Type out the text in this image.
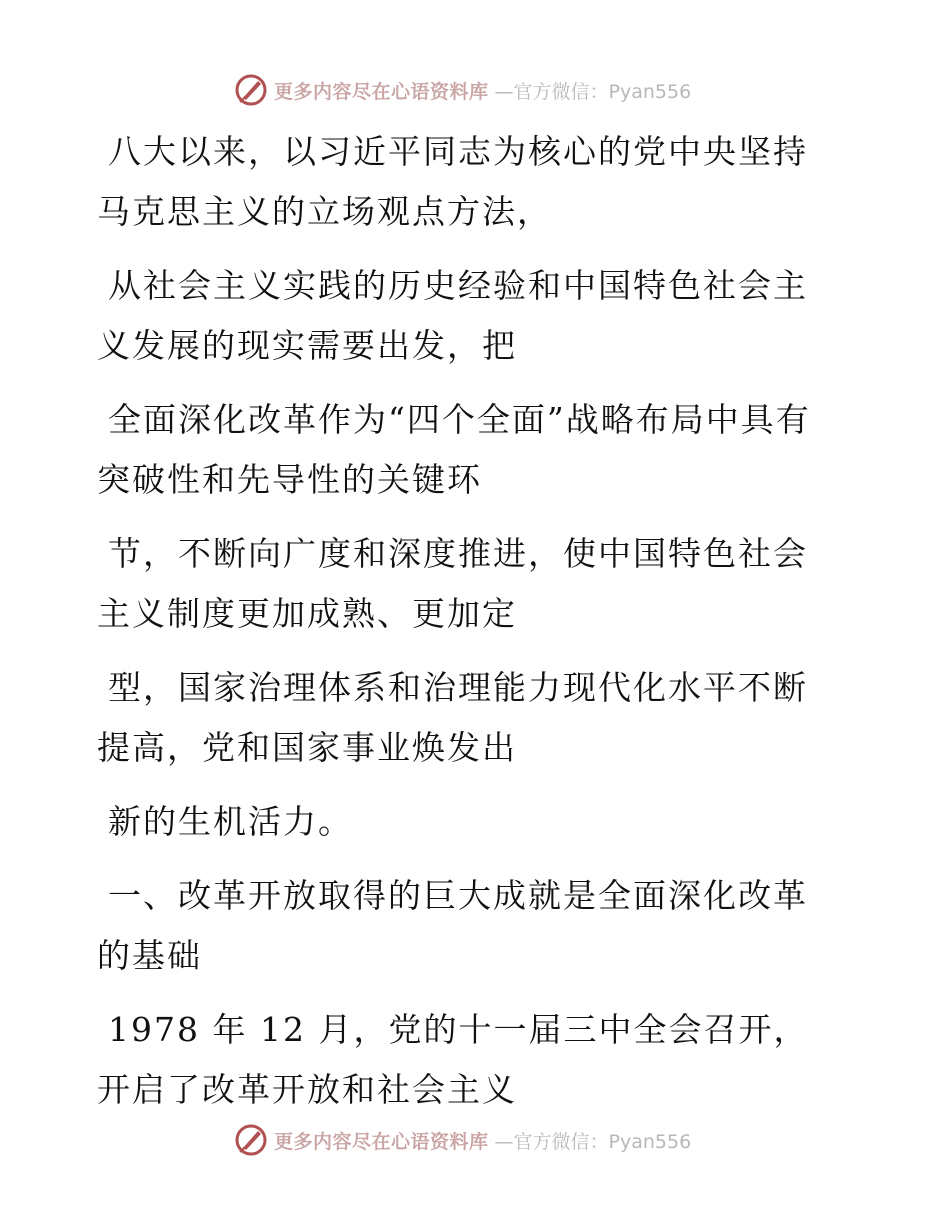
更多内容尽在心语资料库 —官方微信：Pyan556

八大以来，以习近平同志为核心的党中央坚持马克思主义的立场观点方法，

从社会主义实践的历史经验和中国特色社会主义发展的现实需要出发，把

全面深化改革作为“四个全面”战略布局中具有突破性和先导性的关键环

节，不断向广度和深度推进，使中国特色社会主义制度更加成熟、更加定

型，国家治理体系和治理能力现代化水平不断提高，党和国家事业焕发出

新的生机活力。

一、改革开放取得的巨大成就是全面深化改革的基础

1978 年 12 月，党的十一届三中全会召开，开启了改革开放和社会主义

更多内容尽在心语资料库 —官方微信：Pyan556
